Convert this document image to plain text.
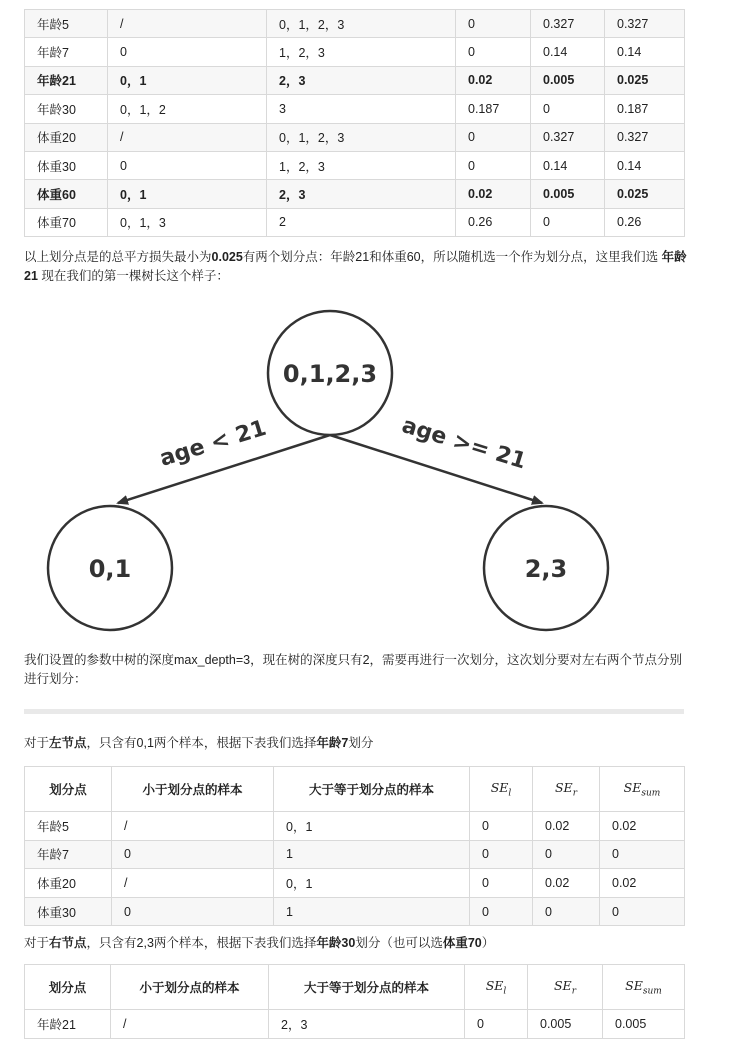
年龄5	/	0，1，2，3	0	0.327	0.327
年龄7	0	1，2，3	0	0.14	0.14
年龄21	0，1	2，3	0.02	0.005	0.025
年龄30	0，1，2	3	0.187	0	0.187
体重20	/	0，1，2，3	0	0.327	0.327
体重30	0	1，2，3	0	0.14	0.14
体重60	0，1	2，3	0.02	0.005	0.025
体重70	0，1，3	2	0.26	0	0.26

以上划分点是的总平方损失最小为0.025有两个划分点：年龄21和体重60，所以随机选一个作为划分点，这里我们选 年龄21 现在我们的第一棵树长这个样子：

0,1,2,3
0,1	2,3
age < 21	age >= 21

我们设置的参数中树的深度max_depth=3，现在树的深度只有2，需要再进行一次划分，这次划分要对左右两个节点分别进行划分：

对于左节点，只含有0,1两个样本，根据下表我们选择年龄7划分

划分点	小于划分点的样本	大于等于划分点的样本	$SE_l$	$SE_r$	$SE_{sum}$
年龄5	/	0，1	0	0.02	0.02
年龄7	0	1	0	0	0
体重20	/	0，1	0	0.02	0.02
体重30	0	1	0	0	0

对于右节点，只含有2,3两个样本，根据下表我们选择年龄30划分（也可以选体重70）

划分点	小于划分点的样本	大于等于划分点的样本	$SE_l$	$SE_r$	$SE_{sum}$
年龄21	/	2，3	0	0.005	0.005
